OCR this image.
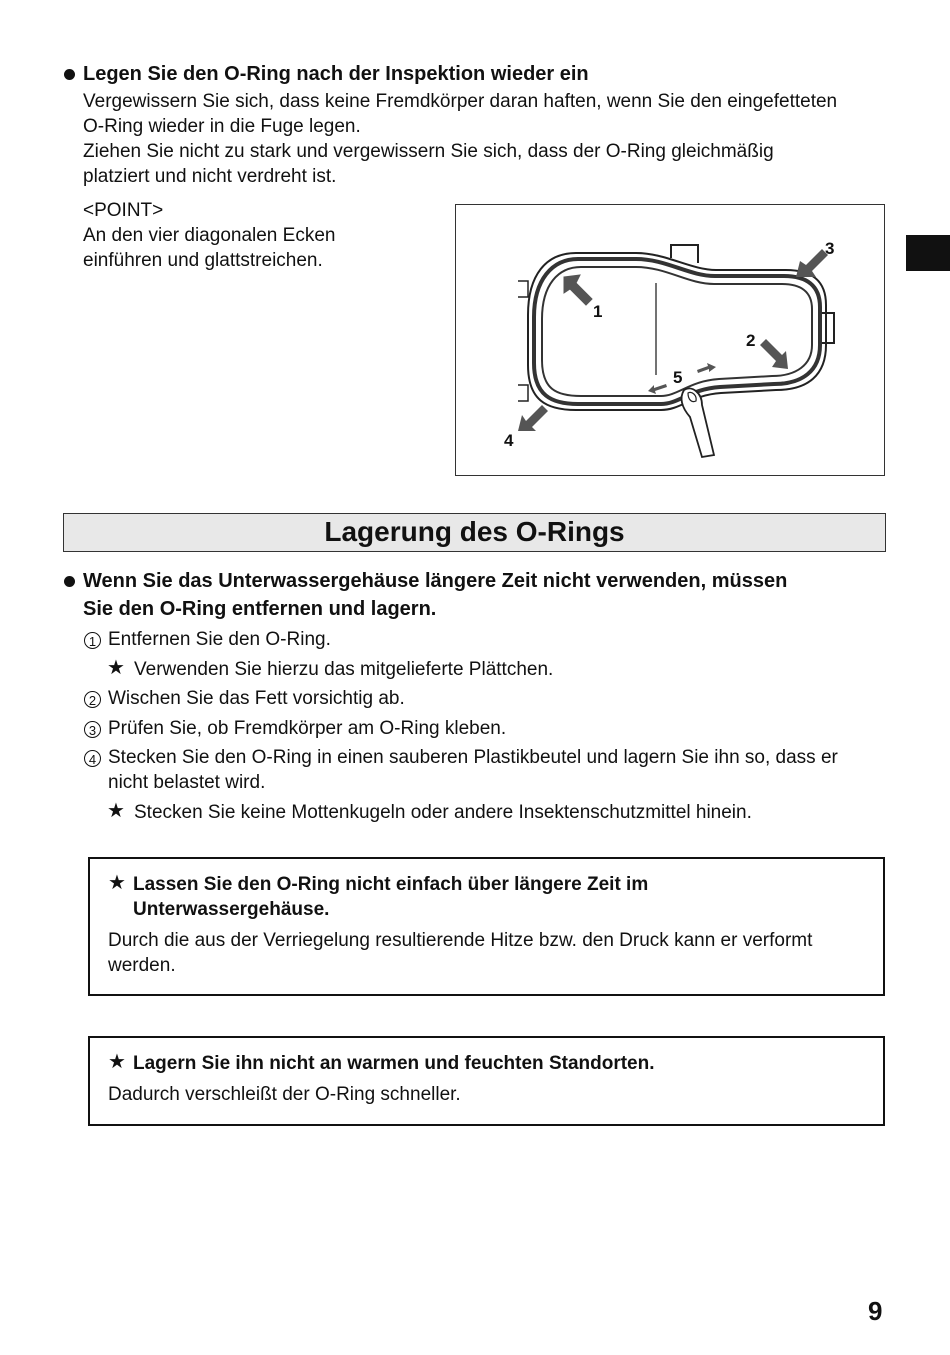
Legen Sie den O-Ring nach der Inspektion wieder ein
Vergewissern Sie sich, dass keine Fremdkörper daran haften, wenn Sie den eingefetteten
O-Ring wieder in die Fuge legen.
Ziehen Sie nicht zu stark und vergewissern Sie sich, dass der O-Ring gleichmäßig
platziert und nicht verdreht ist.
<POINT>
An den vier diagonalen Ecken
einführen und glattstreichen.
1
2
3
4
5
Lagerung des O-Rings
Wenn Sie das Unterwassergehäuse längere Zeit nicht verwenden, müssen
Sie den O-Ring entfernen und lagern.
1 Entfernen Sie den O-Ring.
★ Verwenden Sie hierzu das mitgelieferte Plättchen.
2 Wischen Sie das Fett vorsichtig ab.
3 Prüfen Sie, ob Fremdkörper am O-Ring kleben.
4 Stecken Sie den O-Ring in einen sauberen Plastikbeutel und lagern Sie ihn so, dass er
nicht belastet wird.
★ Stecken Sie keine Mottenkugeln oder andere Insektenschutzmittel hinein.
★ Lassen Sie den O-Ring nicht einfach über längere Zeit im
Unterwassergehäuse.
Durch die aus der Verriegelung resultierende Hitze bzw. den Druck kann er verformt
werden.
★ Lagern Sie ihn nicht an warmen und feuchten Standorten.
Dadurch verschleißt der O-Ring schneller.
9
